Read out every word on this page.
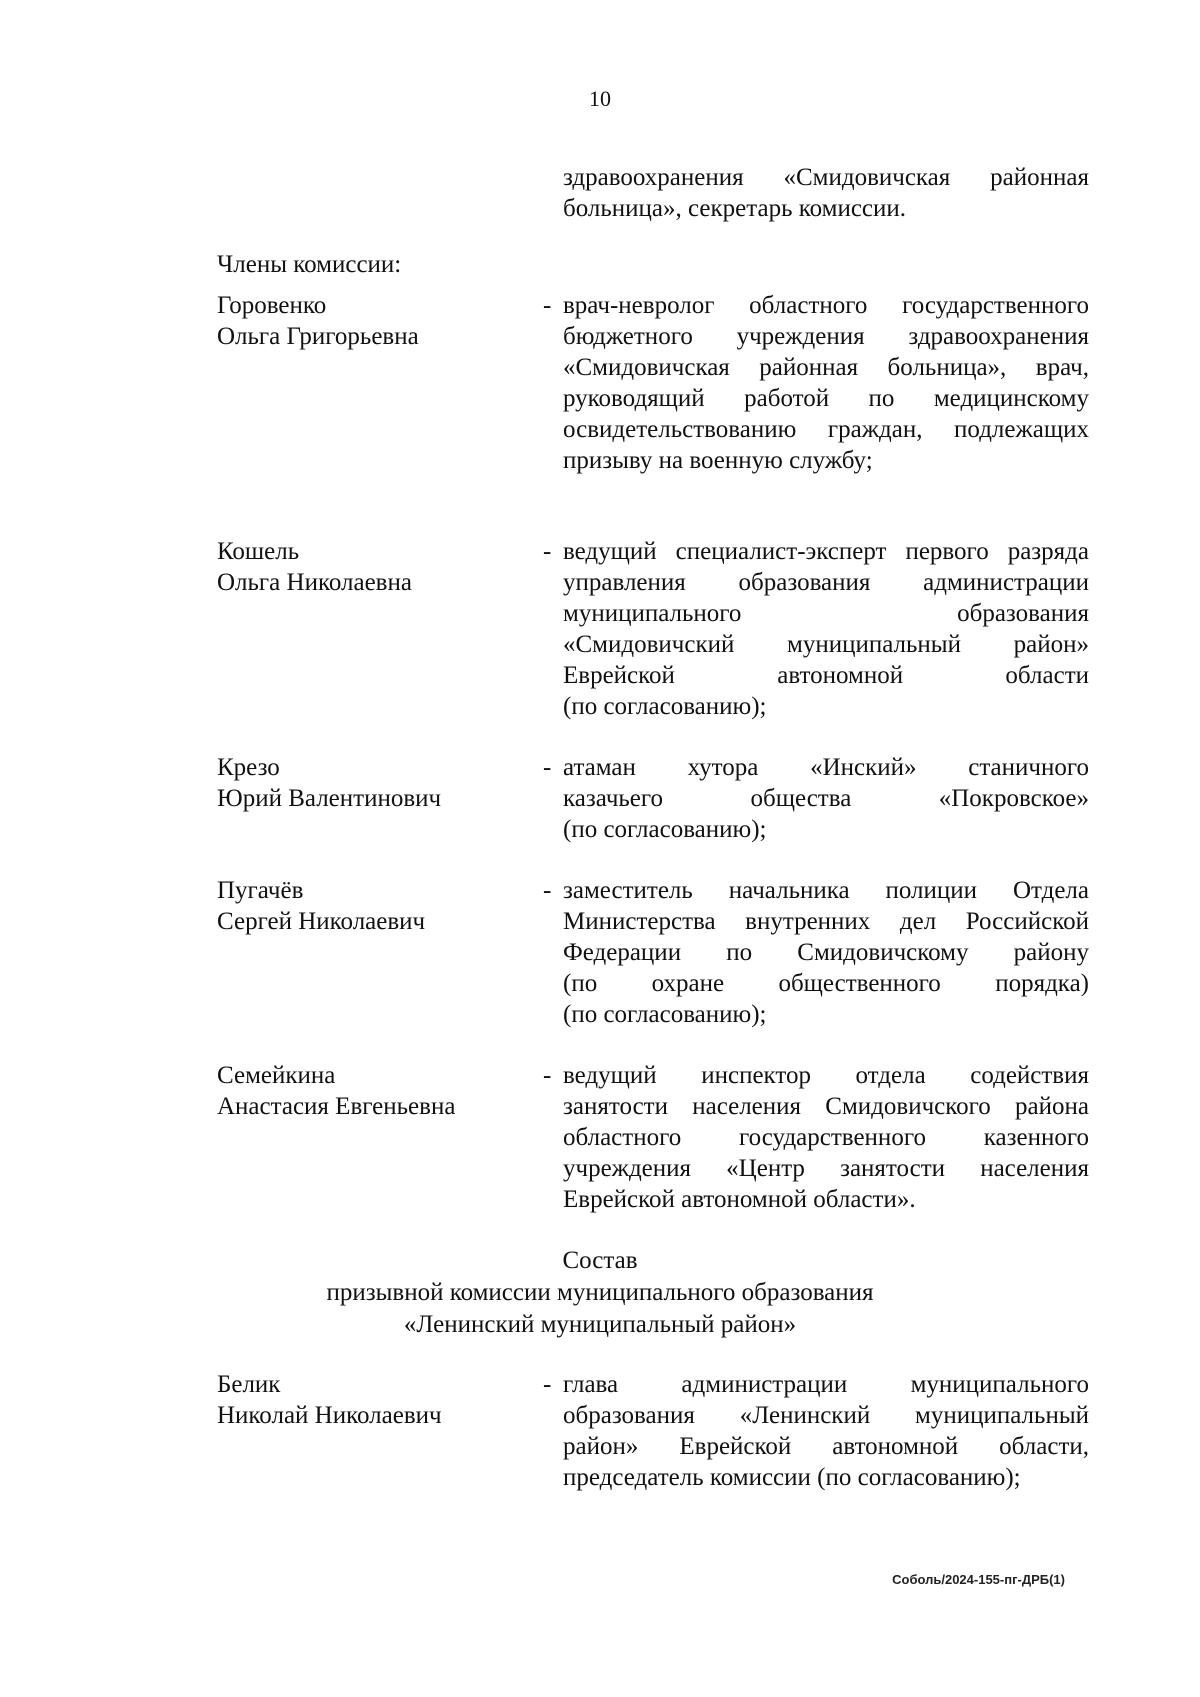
10

здравоохранения «Смидовичская районная

больница», секретарь комиссии.

Члены комиссии:

Горовенко
Ольга Григорьевна
- врач-невролог областного государственного

бюджетного учреждения здравоохранения

«Смидовичская районная больница», врач,

руководящий работой по медицинскому

освидетельствованию граждан, подлежащих

призыву на военную службу;

Кошель
Ольга Николаевна
- ведущий специалист-эксперт первого разряда

управления образования администрации

муниципального образования

«Смидовичский муниципальный район»

Еврейской автономной области

(по согласованию);

Крезо
Юрий Валентинович
- атаман хутора «Инский» станичного

казачьего общества «Покровское»

(по согласованию);

Пугачёв
Сергей Николаевич
- заместитель начальника полиции Отдела

Министерства внутренних дел Российской

Федерации по Смидовичскому району

(по охране общественного порядка)

(по согласованию);

Семейкина
Анастасия Евгеньевна
- ведущий инспектор отдела содействия

занятости населения Смидовичского района

областного государственного казенного

учреждения «Центр занятости населения

Еврейской автономной области».

Состав
призывной комиссии муниципального образования
«Ленинский муниципальный район»
Белик
Николай Николаевич
- глава администрации муниципального

образования «Ленинский муниципальный

район» Еврейской автономной области,

председатель комиссии (по согласованию);

Соболь/2024-155-пг-ДРБ(1)
